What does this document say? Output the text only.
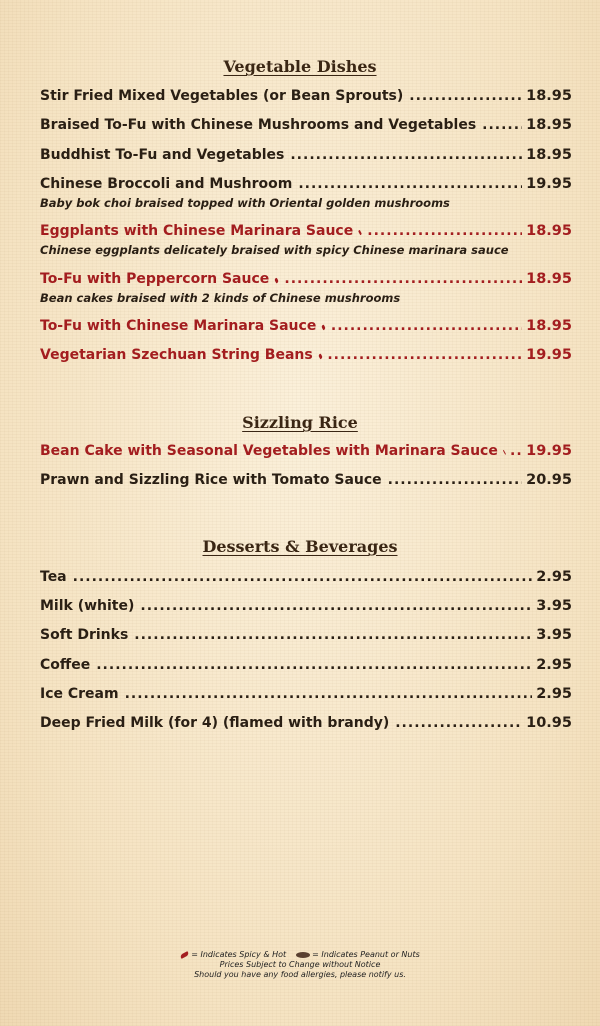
Vegetable Dishes
Stir Fried Mixed Vegetables (or Bean Sprouts) .....	18.95
Braised To-Fu with Chinese Mushrooms and Vegetables .....	18.95
Buddhist To-Fu and Vegetables .....	18.95
Chinese Broccoli and Mushroom .....	19.95
Baby bok choi braised topped with Oriental golden mushrooms
Eggplants with Chinese Marinara Sauce .....	18.95
Chinese eggplants delicately braised with spicy Chinese marinara sauce
To-Fu with Peppercorn Sauce .....	18.95
Bean cakes braised with 2 kinds of Chinese mushrooms
To-Fu with Chinese Marinara Sauce .....	18.95
Vegetarian Szechuan String Beans .....	19.95
Sizzling Rice
Bean Cake with Seasonal Vegetables with Marinara Sauce ..... 19.95
Prawn and Sizzling Rice with Tomato Sauce .....	20.95
Desserts & Beverages
Tea .....	2.95
Milk (white) .....	3.95
Soft Drinks .....	3.95
Coffee .....	2.95
Ice Cream .....	2.95
Deep Fried Milk (for 4) (flamed with brandy) .....	10.95
= Indicates Spicy & Hot	= Indicates Peanut or Nuts
Prices Subject to Change without Notice
Should you have any food allergies, please notify us.
